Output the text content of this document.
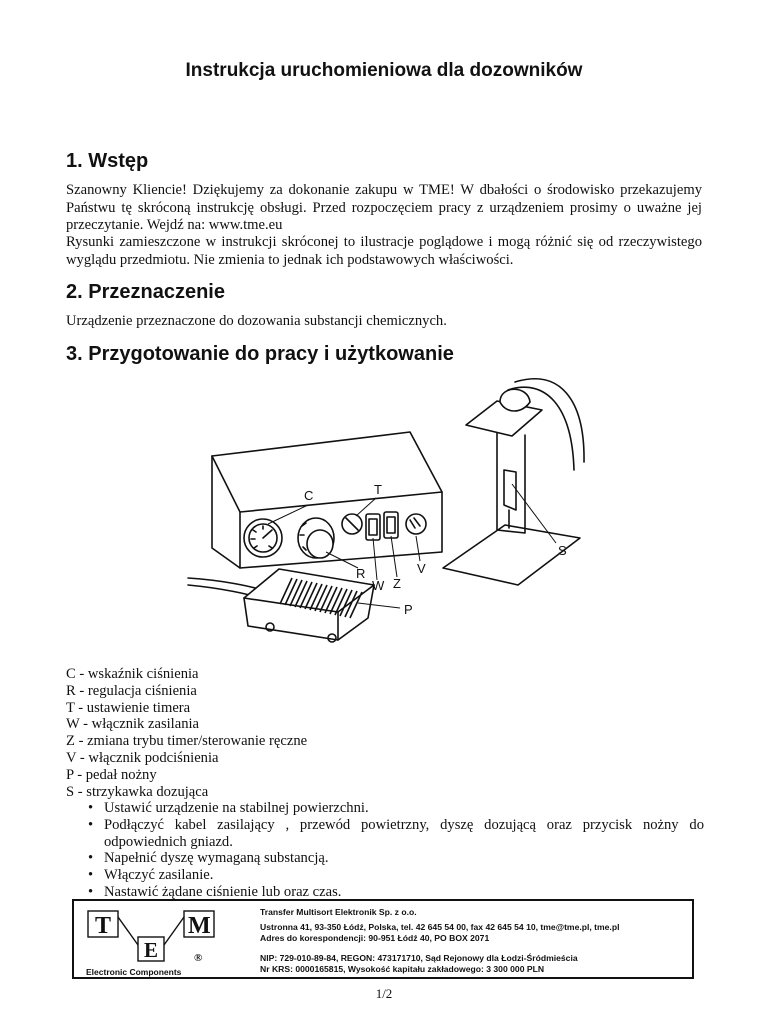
Instrukcja uruchomieniowa dla dozowników
1. Wstęp

Szanowny Kliencie! Dziękujemy za dokonanie zakupu w TME! W dbałości o środowisko przekazujemy Państwu tę skróconą instrukcję obsługi. Przed rozpoczęciem pracy z urządzeniem prosimy o uważne jej przeczytanie. Wejdź na: www.tme.eu

Rysunki zamieszczone w instrukcji skróconej to ilustracje poglądowe i mogą różnić się od rzeczywistego wyglądu przedmiotu. Nie zmienia to jednak ich podstawowych właściwości.

2. Przeznaczenie

Urządzenie przeznaczone do dozowania substancji chemicznych.

3. Przygotowanie do pracy i użytkowanie
C	T
R
W Z
V
P
S
C - wskaźnik ciśnienia
R - regulacja ciśnienia
T - ustawienie timera
W - włącznik zasilania
Z - zmiana trybu timer/sterowanie ręczne
V - włącznik podciśnienia
P - pedał nożny
S - strzykawka dozująca
• Ustawić urządzenie na stabilnej powierzchni.
• Podłączyć kabel zasilający , przewód powietrzny, dyszę dozującą oraz przycisk nożny do odpowiednich gniazd.
• Napełnić dyszę wymaganą substancją.
• Włączyć zasilanie.
• Nastawić żądane ciśnienie lub oraz czas.
T	M
E	®
Electronic Components
Transfer Multisort Elektronik Sp. z o.o.
Ustronna 41, 93-350 Łódź, Polska, tel. 42 645 54 00, fax 42 645 54 10, tme@tme.pl, tme.pl
Adres do korespondencji: 90-951 Łódź 40, PO BOX 2071
NIP: 729-010-89-84, REGON: 473171710, Sąd Rejonowy dla Łodzi-Śródmieścia
Nr KRS: 0000165815, Wysokość kapitału zakładowego: 3 300 000 PLN
1/2
